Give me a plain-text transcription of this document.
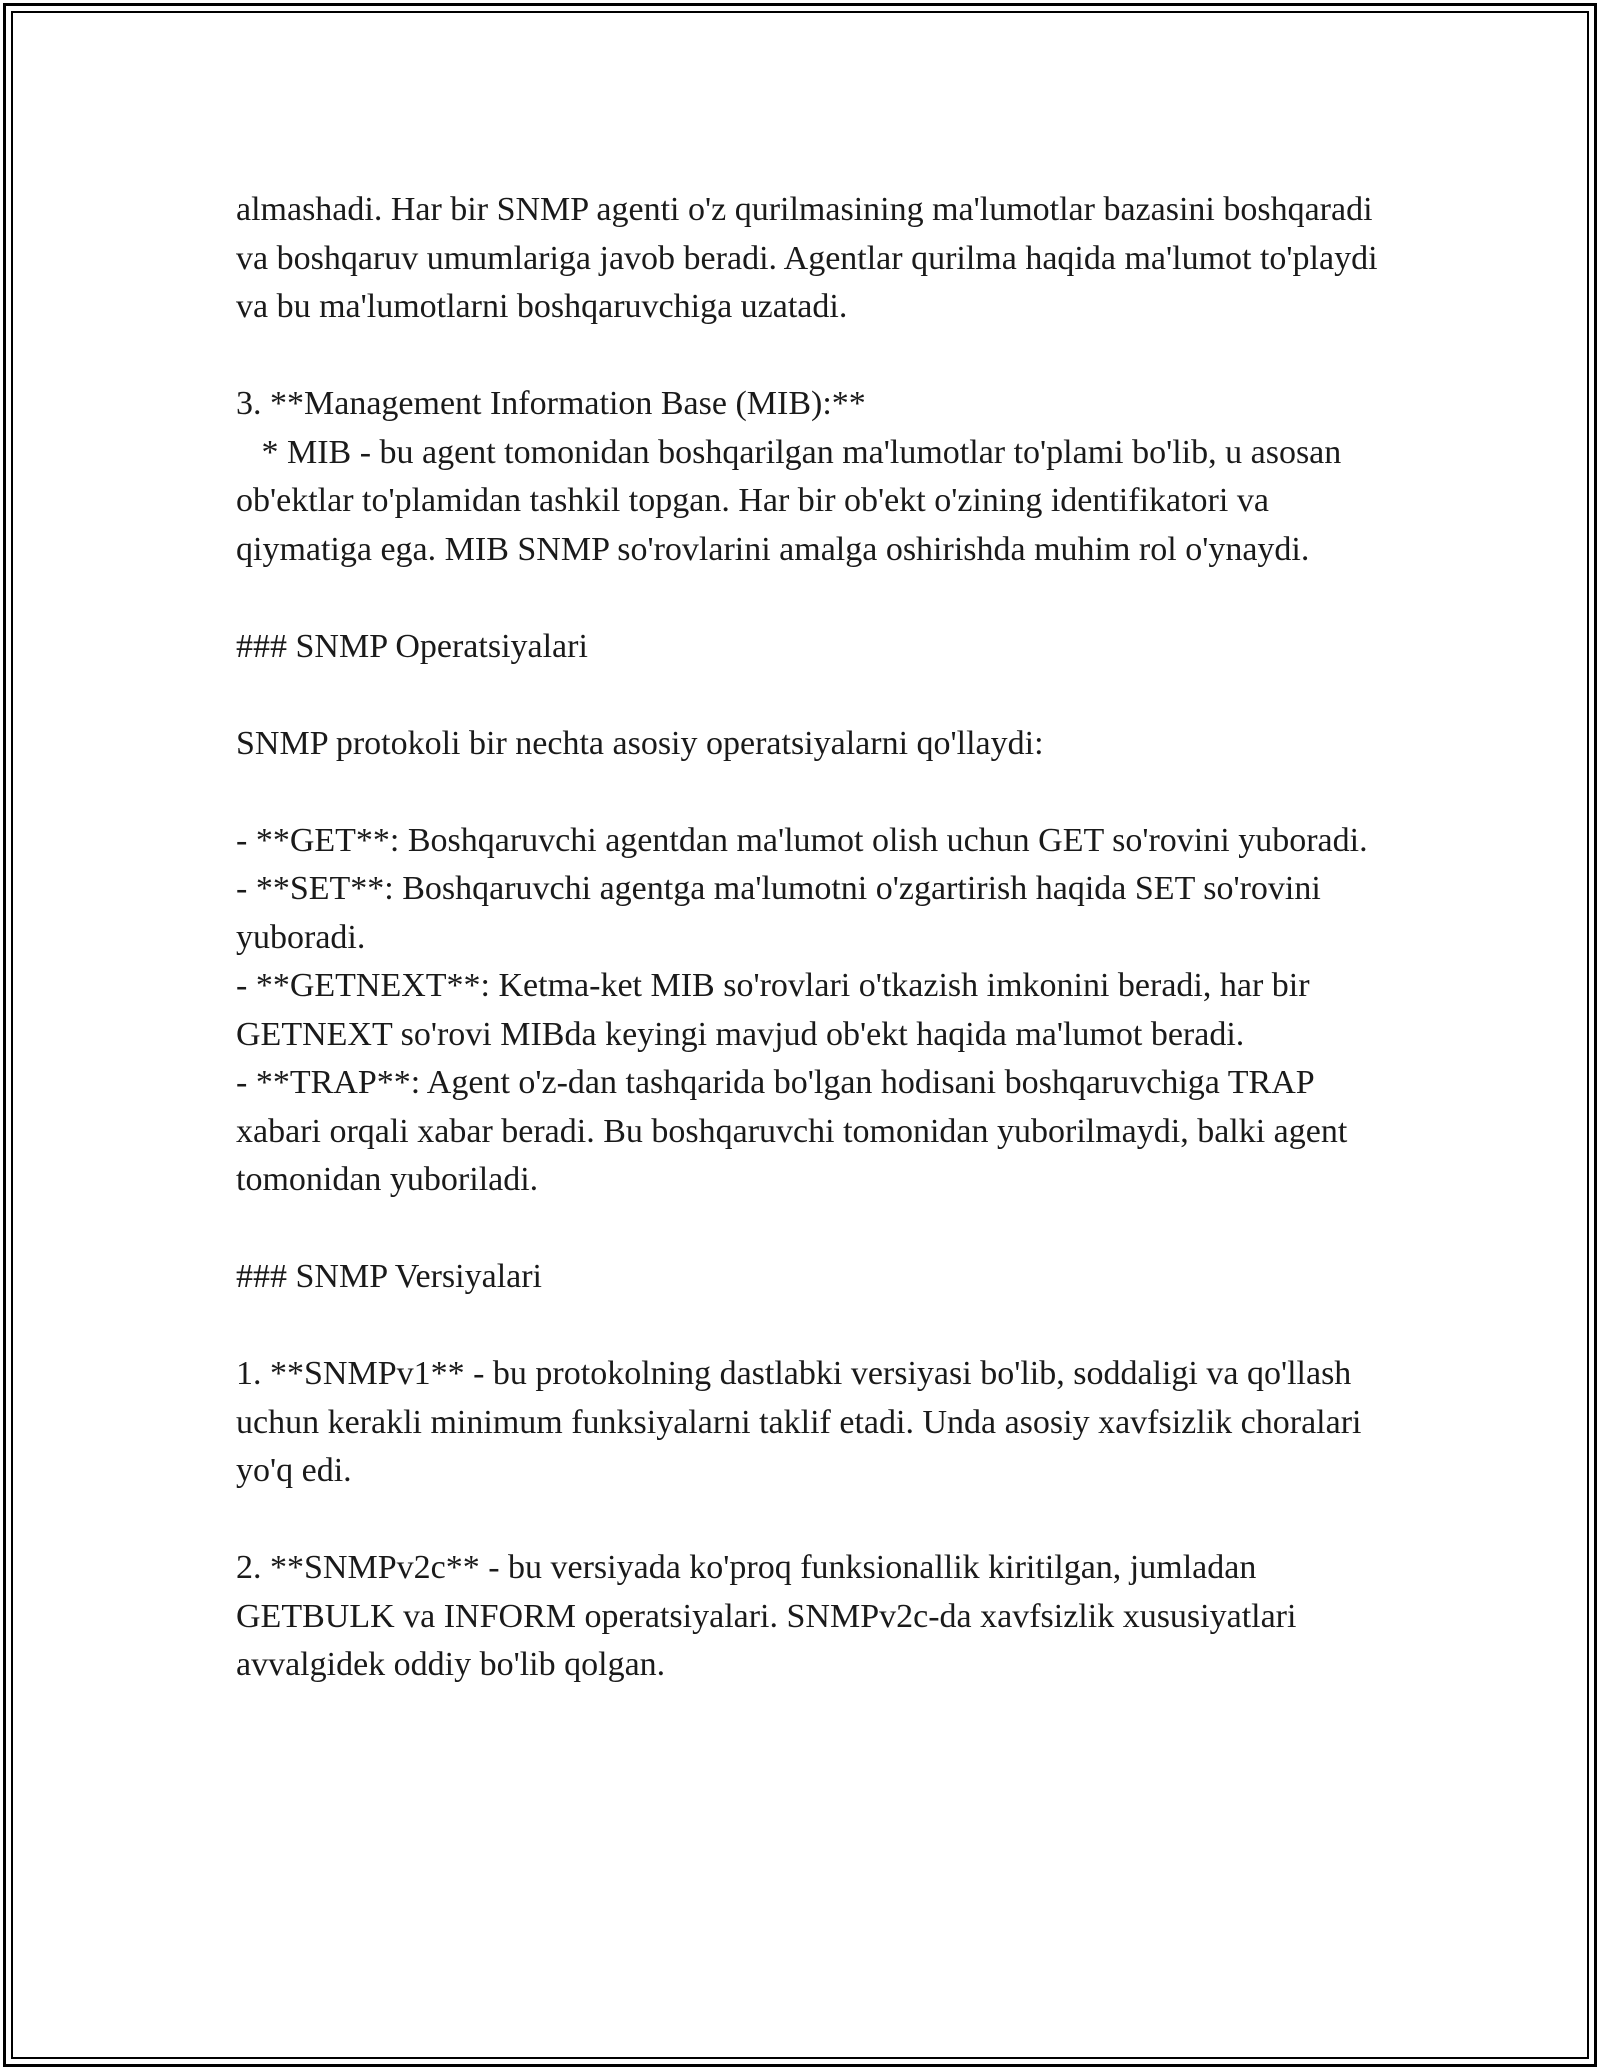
almashadi. Har bir SNMP agenti o'z qurilmasining ma'lumotlar bazasini boshqaradi va boshqaruv umumlariga javob beradi. Agentlar qurilma haqida ma'lumot to'playdi va bu ma'lumotlarni boshqaruvchiga uzatadi.

3. **Management Information Base (MIB):**

* MIB - bu agent tomonidan boshqarilgan ma'lumotlar to'plami bo'lib, u asosan ob'ektlar to'plamidan tashkil topgan. Har bir ob'ekt o'zining identifikatori va qiymatiga ega. MIB SNMP so'rovlarini amalga oshirishda muhim rol o'ynaydi.

### SNMP Operatsiyalari

SNMP protokoli bir nechta asosiy operatsiyalarni qo'llaydi:

- **GET**: Boshqaruvchi agentdan ma'lumot olish uchun GET so'rovini yuboradi.

- **SET**: Boshqaruvchi agentga ma'lumotni o'zgartirish haqida SET so'rovini yuboradi.

- **GETNEXT**: Ketma-ket MIB so'rovlari o'tkazish imkonini beradi, har bir GETNEXT so'rovi MIBda keyingi mavjud ob'ekt haqida ma'lumot beradi.

- **TRAP**: Agent o'z-dan tashqarida bo'lgan hodisani boshqaruvchiga TRAP xabari orqali xabar beradi. Bu boshqaruvchi tomonidan yuborilmaydi, balki agent tomonidan yuboriladi.

### SNMP Versiyalari

1. **SNMPv1** - bu protokolning dastlabki versiyasi bo'lib, soddaligi va qo'llash uchun kerakli minimum funksiyalarni taklif etadi. Unda asosiy xavfsizlik choralari yo'q edi.

2. **SNMPv2c** - bu versiyada ko'proq funksionallik kiritilgan, jumladan GETBULK va INFORM operatsiyalari. SNMPv2c-da xavfsizlik xususiyatlari avvalgidek oddiy bo'lib qolgan.
